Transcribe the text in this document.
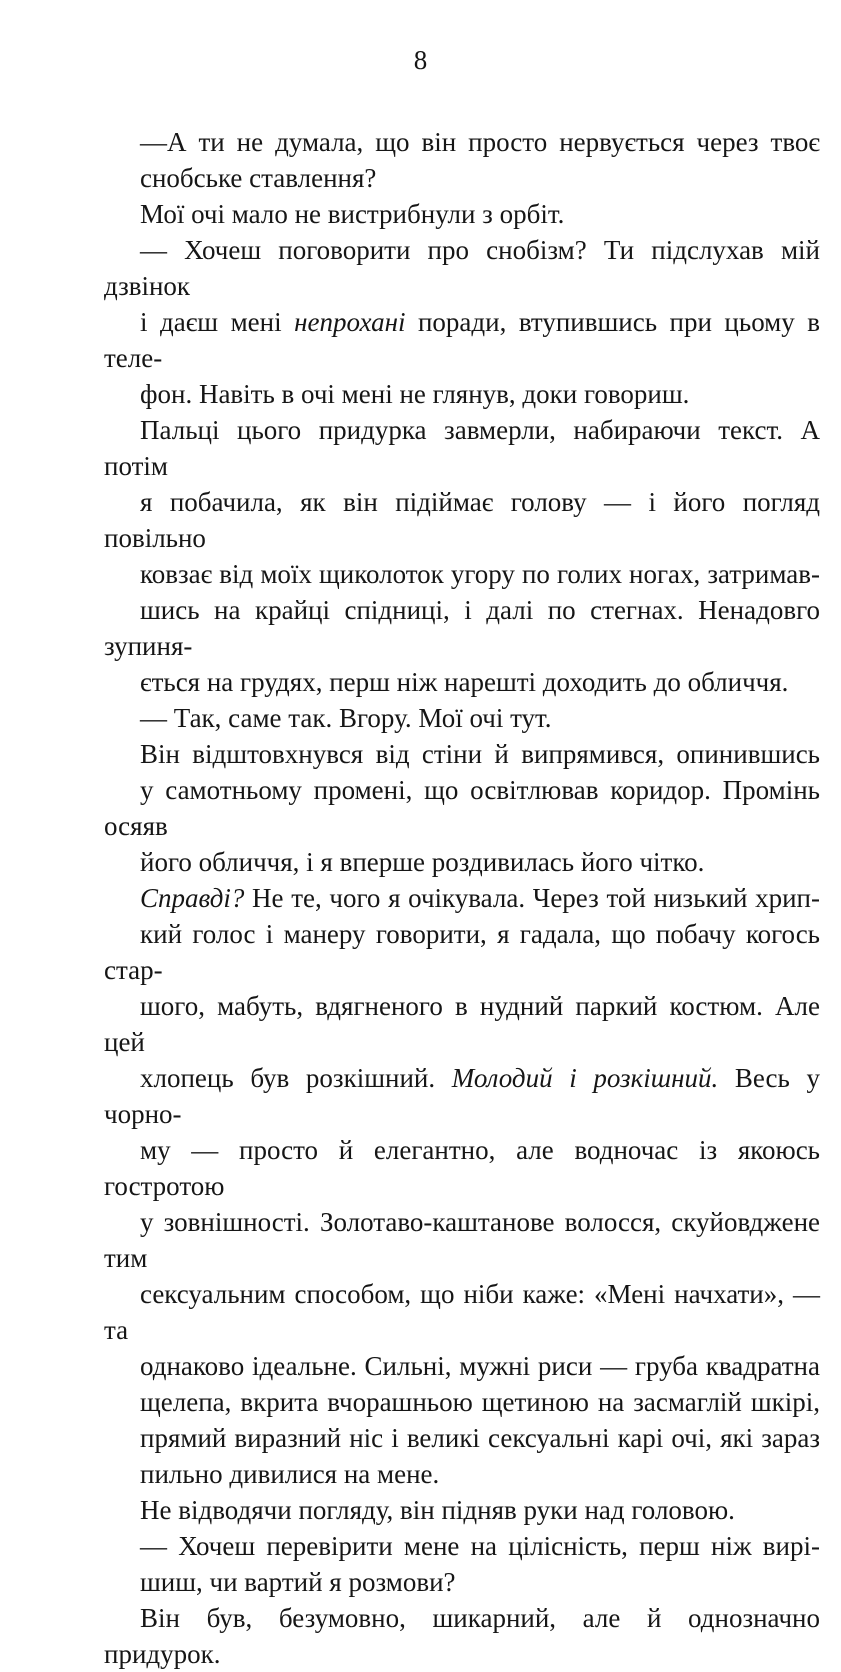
8
—А ти не думала, що він просто нервується через твоє
снобське ставлення?
Мої очі мало не вистрибнули з орбіт.
— Хочеш поговорити про снобізм? Ти підслухав мій дзвінок
і даєш мені непрохані поради, втупившись при цьому в теле-
фон. Навіть в очі мені не глянув, доки говориш.
Пальці цього придурка завмерли, набираючи текст. А потім
я побачила, як він підіймає голову — і його погляд повільно
ковзає від моїх щиколоток угору по голих ногах, затримав-
шись на крайці спідниці, і далі по стегнах. Ненадовго зупиня-
ється на грудях, перш ніж нарешті доходить до обличчя.
— Так, саме так. Вгору. Мої очі тут.
Він відштовхнувся від стіни й випрямився, опинившись
у самотньому промені, що освітлював коридор. Промінь осяяв
його обличчя, і я вперше роздивилась його чітко.
Справді? Не те, чого я очікувала. Через той низький хрип-
кий голос і манеру говорити, я гадала, що побачу когось стар-
шого, мабуть, вдягненого в нудний паркий костюм. Але цей
хлопець був розкішний. Молодий і розкішний. Весь у чорно-
му — просто й елегантно, але водночас із якоюсь гостротою
у зовнішності. Золотаво-каштанове волосся, скуйовджене тим
сексуальним способом, що ніби каже: «Мені начхати», — та
однаково ідеальне. Сильні, мужні риси — груба квадратна
щелепа, вкрита вчорашньою щетиною на засмаглій шкірі,
прямий виразний ніс і великі сексуальні карі очі, які зараз
пильно дивилися на мене.
Не відводячи погляду, він підняв руки над головою.
— Хочеш перевірити мене на цілісність, перш ніж вирі-
шиш, чи вартий я розмови?
Він був, безумовно, шикарний, але й однозначно придурок.
